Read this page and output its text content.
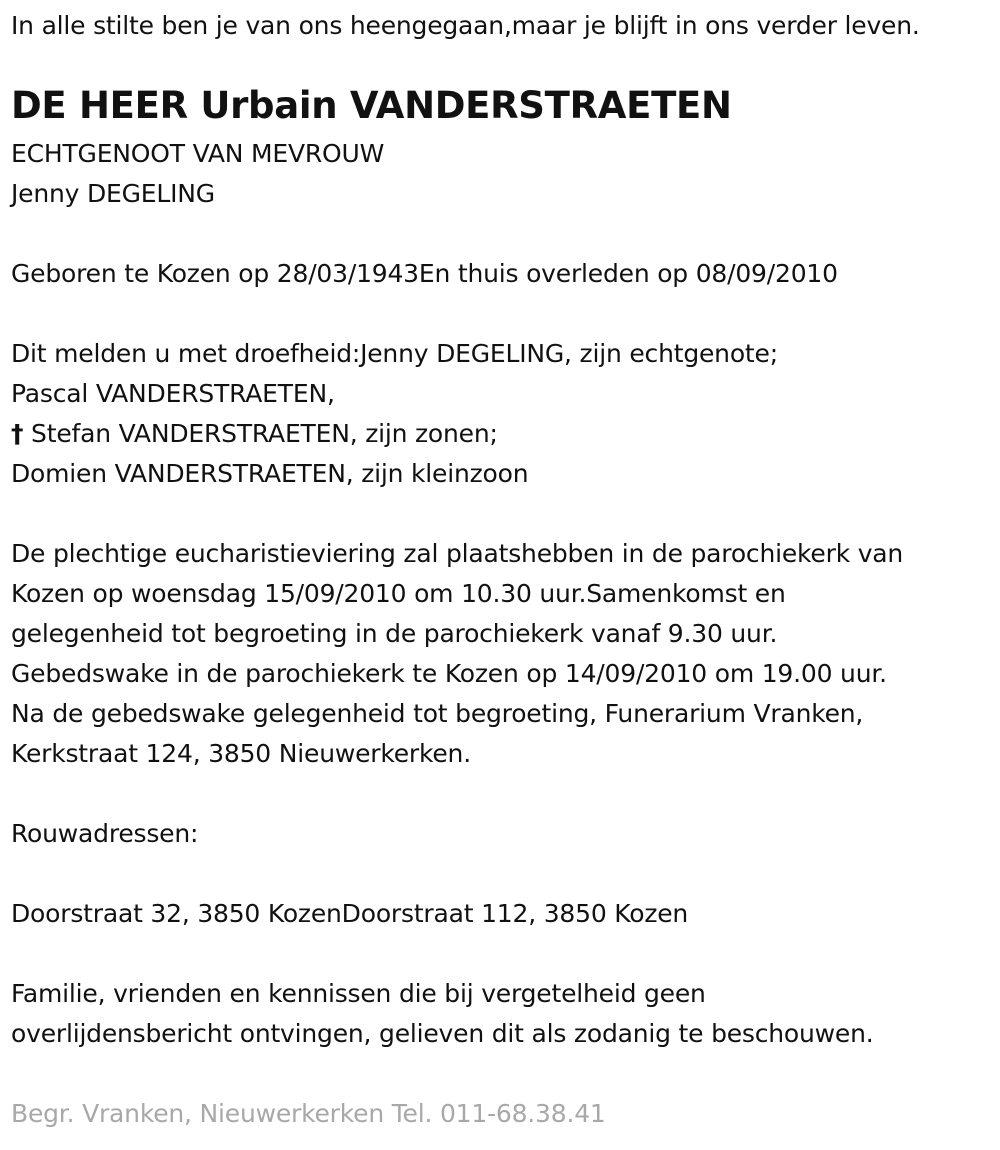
In alle stilte ben je van ons heengegaan,maar je blijft in ons verder leven.
DE HEER Urbain VANDERSTRAETEN
ECHTGENOOT VAN MEVROUW
Jenny DEGELING
Geboren te Kozen op 28/03/1943En thuis overleden op 08/09/2010
Dit melden u met droefheid:Jenny DEGELING, zijn echtgenote;
Pascal VANDERSTRAETEN,
† Stefan VANDERSTRAETEN, zijn zonen;
Domien VANDERSTRAETEN, zijn kleinzoon
De plechtige eucharistieviering zal plaatshebben in de parochiekerk van
Kozen op woensdag 15/09/2010 om 10.30 uur.Samenkomst en
gelegenheid tot begroeting in de parochiekerk vanaf 9.30 uur.
Gebedswake in de parochiekerk te Kozen op 14/09/2010 om 19.00 uur.
Na de gebedswake gelegenheid tot begroeting, Funerarium Vranken,
Kerkstraat 124, 3850 Nieuwerkerken.
Rouwadressen:
Doorstraat 32, 3850 KozenDoorstraat 112, 3850 Kozen
Familie, vrienden en kennissen die bij vergetelheid geen
overlijdensbericht ontvingen, gelieven dit als zodanig te beschouwen.
Begr. Vranken, Nieuwerkerken Tel. 011-68.38.41
